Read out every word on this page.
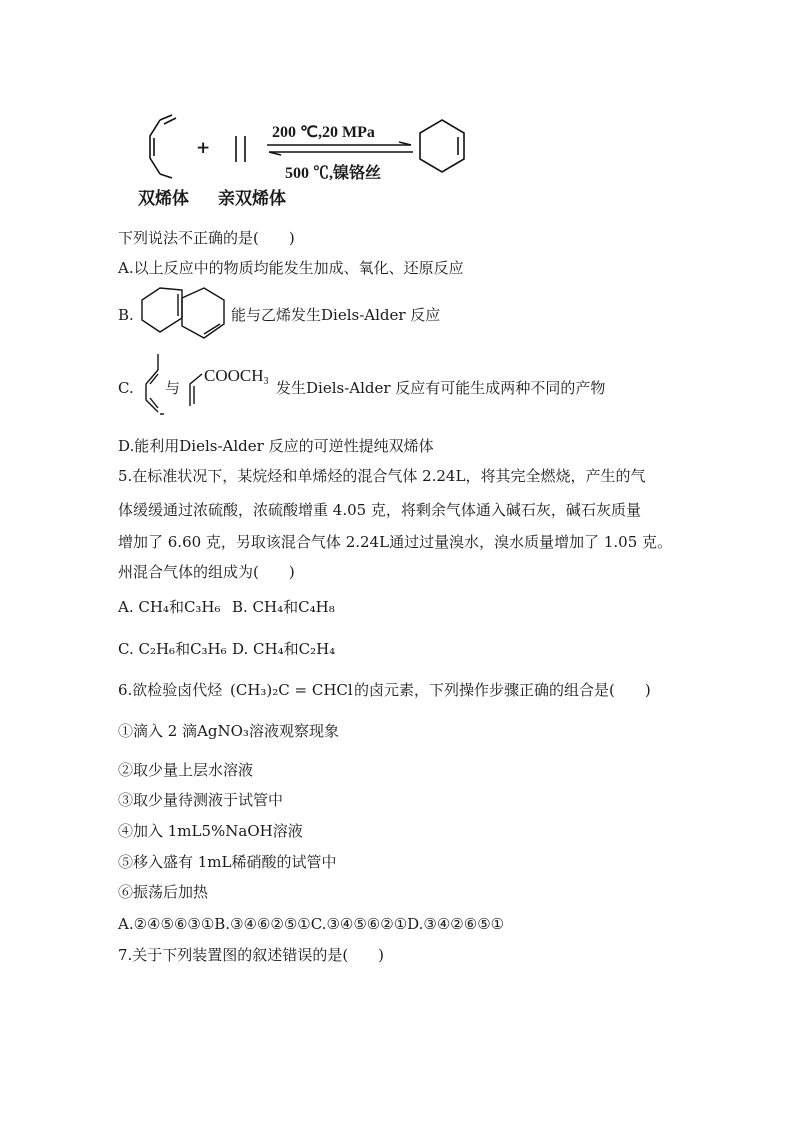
+
200 ℃,20 MPa
500 ℃,镍铬丝
双烯体 亲双烯体
下列说法不正确的是(　　)
A.以上反应中的物质均能发生加成、氧化、还原反应
B.	能与乙烯发生Diels-Alder 反应
C. 与
$COOCH_3$ 发生Diels-Alder 反应有可能生成两种不同的产物
D.能利用Diels-Alder 反应的可逆性提纯双烯体
5.在标准状况下，某烷烃和单烯烃的混合气体 2.24L，将其完全燃烧，产生的气
体缓缓通过浓硫酸，浓硫酸增重 4.05 克，将剩余气体通入碱石灰，碱石灰质量
增加了 6.60 克，另取该混合气体 2.24L通过过量溴水，溴水质量增加了 1.05 克。
州混合气体的组成为(　　)
A. CH₄和C₃H₆ B. CH₄和C₄H₈
C. C₂H₆和C₃H₆ D. CH₄和C₂H₄
6.欲检验卤代烃 (CH₃)₂C = CHCl 的卤元素，下列操作步骤正确的组合是(　　)
①滴入 2 滴AgNO₃溶液观察现象
②取少量上层水溶液
③取少量待测液于试管中
④加入 1mL5%NaOH溶液
⑤移入盛有 1mL稀硝酸的试管中
⑥振荡后加热
A.②④⑤⑥③①B.③④⑥②⑤①C.③④⑤⑥②①D.③④②⑥⑤①
7.关于下列装置图的叙述错误的是(　　)
